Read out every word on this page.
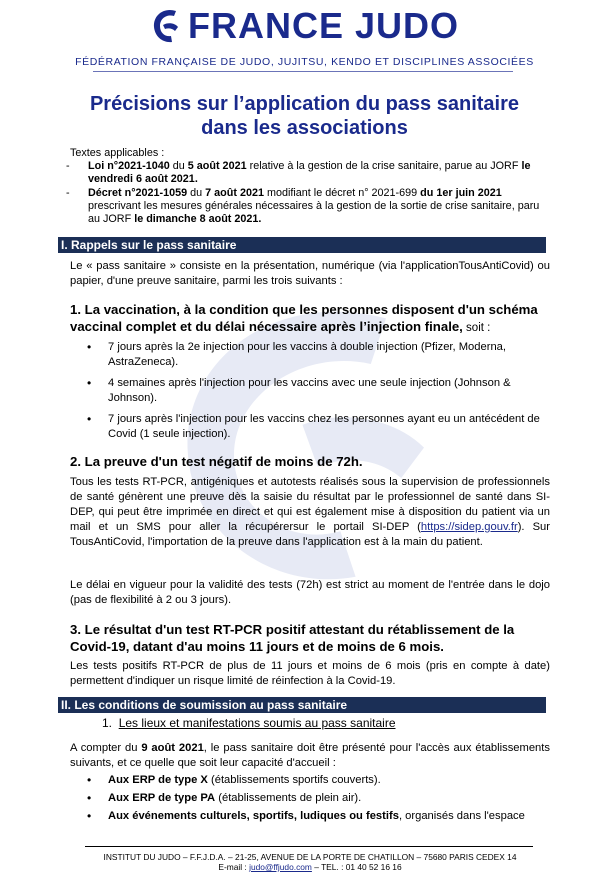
FRANCE JUDO
FÉDÉRATION FRANÇAISE DE JUDO, JUJITSU, KENDO ET DISCIPLINES ASSOCIÉES
Précisions sur l’application du pass sanitaire
dans les associations
Textes applicables :
- Loi n°2021-1040 du 5 août 2021 relative à la gestion de la crise sanitaire, parue au JORF le vendredi 6 août 2021.
- Décret n°2021-1059 du 7 août 2021 modifiant le décret n° 2021-699 du 1er juin 2021 prescrivant les mesures générales nécessaires à la gestion de la sortie de crise sanitaire, paru au JORF le dimanche 8 août 2021.
I. Rappels sur le pass sanitaire
Le « pass sanitaire » consiste en la présentation, numérique (via l'applicationTousAntiCovid) ou papier, d'une preuve sanitaire, parmi les trois suivants :
1. La vaccination, à la condition que les personnes disposent d'un schéma vaccinal complet et du délai nécessaire après l’injection finale, soit :
• 7 jours après la 2e injection pour les vaccins à double injection (Pfizer, Moderna, AstraZeneca).
• 4 semaines après l'injection pour les vaccins avec une seule injection (Johnson & Johnson).
• 7 jours après l'injection pour les vaccins chez les personnes ayant eu un antécédent de Covid (1 seule injection).
2. La preuve d'un test négatif de moins de 72h.
Tous les tests RT-PCR, antigéniques et autotests réalisés sous la supervision de professionnels de santé génèrent une preuve dès la saisie du résultat par le professionnel de santé dans SI-DEP, qui peut être imprimée en direct et qui est également mise à disposition du patient via un mail et un SMS pour aller la récupérersur le portail SI-DEP (https://sidep.gouv.fr). Sur TousAntiCovid, l'importation de la preuve dans l'application est à la main du patient.
Le délai en vigueur pour la validité des tests (72h) est strict au moment de l'entrée dans le dojo (pas de flexibilité à 2 ou 3 jours).
3. Le résultat d'un test RT-PCR positif attestant du rétablissement de la Covid-19, datant d'au moins 11 jours et de moins de 6 mois.
Les tests positifs RT-PCR de plus de 11 jours et moins de 6 mois (pris en compte à date) permettent d'indiquer un risque limité de réinfection à la Covid-19.
II. Les conditions de soumission au pass sanitaire
1. Les lieux et manifestations soumis au pass sanitaire
A compter du 9 août 2021, le pass sanitaire doit être présenté pour l'accès aux établissements suivants, et ce quelle que soit leur capacité d'accueil :
• Aux ERP de type X (établissements sportifs couverts).
• Aux ERP de type PA (établissements de plein air).
• Aux événements culturels, sportifs, ludiques ou festifs, organisés dans l'espace
INSTITUT DU JUDO – F.F.J.D.A. – 21-25, AVENUE DE LA PORTE DE CHATILLON – 75680 PARIS CEDEX 14
E-mail : judo@ffjudo.com – TEL. : 01 40 52 16 16
